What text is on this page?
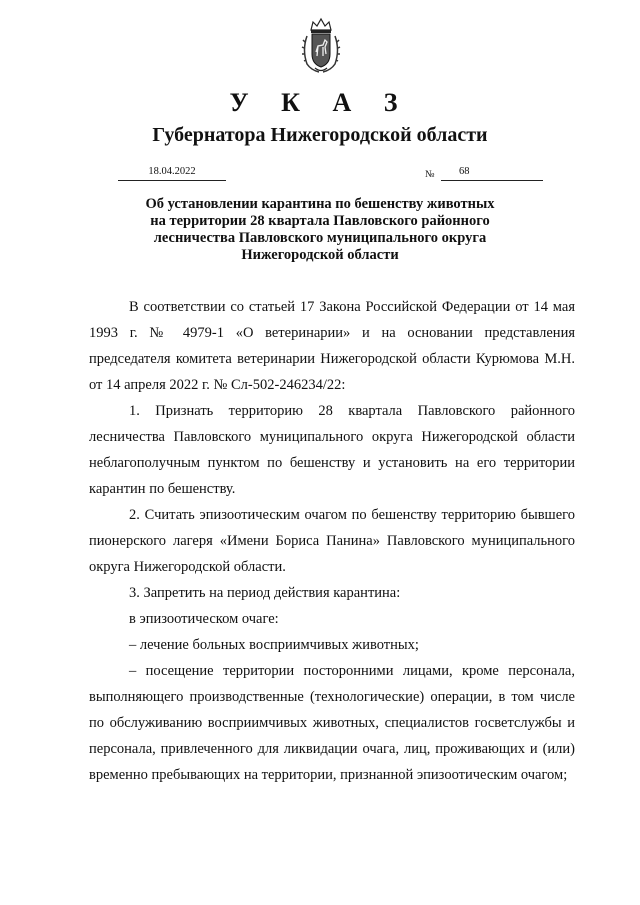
У К А З
Губернатора Нижегородской области
18.04.2022	№	68
Об установлении карантина по бешенству животных
на территории 28 квартала Павловского районного
лесничества Павловского муниципального округа
Нижегородской области

В соответствии со статьей 17 Закона Российской Федерации от 14 мая 1993 г. № 4979-1 «О ветеринарии» и на основании представления председателя комитета ветеринарии Нижегородской области Курюмова М.Н. от 14 апреля 2022 г. № Сл-502-246234/22:

1. Признать территорию 28 квартала Павловского районного лесничества Павловского муниципального округа Нижегородской области неблагополучным пунктом по бешенству и установить на его территории карантин по бешенству.

2. Считать эпизоотическим очагом по бешенству территорию бывшего пионерского лагеря «Имени Бориса Панина» Павловского муниципального округа Нижегородской области.

3. Запретить на период действия карантина:

в эпизоотическом очаге:

– лечение больных восприимчивых животных;

– посещение территории посторонними лицами, кроме персонала, выполняющего производственные (технологические) операции, в том числе по обслуживанию восприимчивых животных, специалистов госветслужбы и персонала, привлеченного для ликвидации очага, лиц, проживающих и (или) временно пребывающих на территории, признанной эпизоотическим очагом;
